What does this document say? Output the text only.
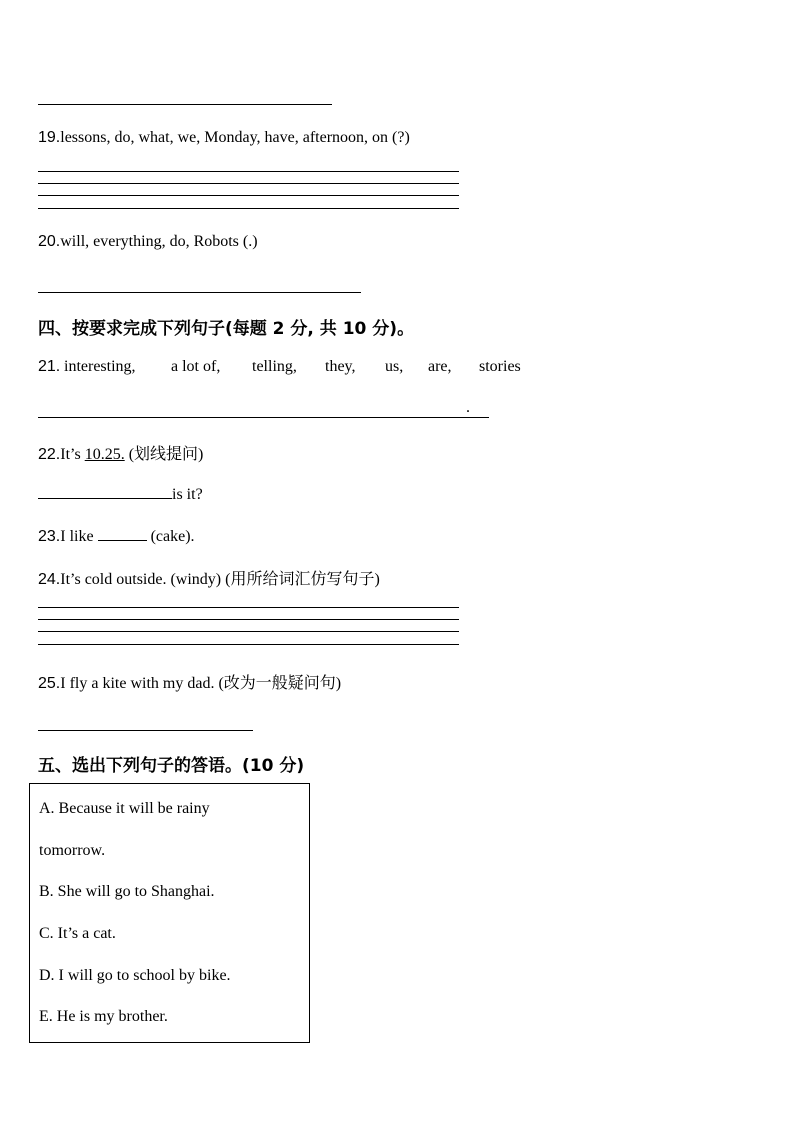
19.lessons, do, what, we, Monday, have, afternoon, on (?)
20.will, everything, do, Robots (.)
四、按要求完成下列句子(每题 2 分, 共 10 分)。
21. interesting, a lot of, telling, they, us, are, stories
.
22.It’s 10.25. (划线提问)
is it?
23.I like	(cake).
24.It’s cold outside. (windy) (用所给词汇仿写句子)
25.I fly a kite with my dad. (改为一般疑问句)
五、选出下列句子的答语。(10 分)
A. Because it will be rainy
tomorrow.
B. She will go to Shanghai.
C. It’s a cat.
D. I will go to school by bike.
E. He is my brother.
